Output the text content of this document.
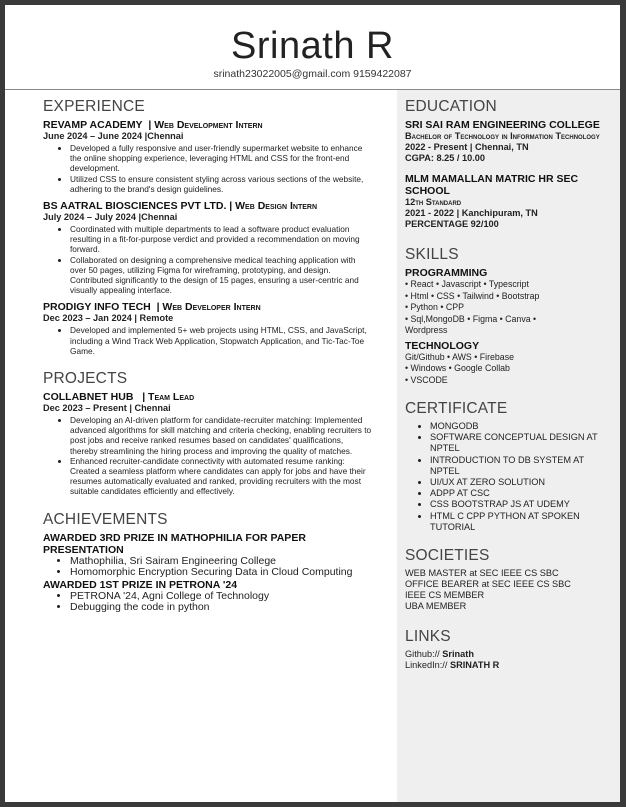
Srinath R
srinath23022005@gmail.com 9159422087
EXPERIENCE
REVAMP ACADEMY | Web Development Intern
June 2024 – June 2024 |Chennai
• Developed a fully responsive and user-friendly supermarket website to enhance the online shopping experience, leveraging HTML and CSS for the front-end development.
• Utilized CSS to ensure consistent styling across various sections of the website, adhering to the brand's design guidelines.
BS AATRAL BIOSCIENCES PVT LTD. | Web Design Intern
July 2024 – July 2024 |Chennai
• Coordinated with multiple departments to lead a software product evaluation resulting in a fit-for-purpose verdict and provided a recommendation on moving forward.
• Collaborated on designing a comprehensive medical teaching application with over 50 pages, utilizing Figma for wireframing, prototyping, and design. Contributed significantly to the design of 15 pages, ensuring a user-centric and visually appealing interface.
PRODIGY INFO TECH | Web Developer Intern
Dec 2023 – Jan 2024 | Remote
• Developed and implemented 5+ web projects using HTML, CSS, and JavaScript, including a Wind Track Web Application, Stopwatch Application, and Tic-Tac-Toe Game.
PROJECTS
COLLABNET HUB | Team Lead
Dec 2023 – Present | Chennai
• Developing an AI-driven platform for candidate-recruiter matching: Implemented advanced algorithms for skill matching and criteria checking, enabling recruiters to post jobs and receive ranked resumes based on candidates' qualifications, thereby streamlining the hiring process and improving the quality of matches.
• Enhanced recruiter-candidate connectivity with automated resume ranking: Created a seamless platform where candidates can apply for jobs and have their resumes automatically evaluated and ranked, providing recruiters with the most suitable candidates efficiently and effectively.
ACHIEVEMENTS
AWARDED 3RD PRIZE IN MATHOPHILIA FOR PAPER PRESENTATION
• Mathophilia, Sri Sairam Engineering College
• Homomorphic Encryption Securing Data in Cloud Computing
AWARDED 1ST PRIZE IN PETRONA '24
• PETRONA '24, Agni College of Technology
• Debugging the code in python
EDUCATION
SRI SAI RAM ENGINEERING COLLEGE
Bachelor of Technology in Information Technology
2022 - Present | Chennai, TN
CGPA: 8.25 / 10.00
MLM MAMALLAN MATRIC HR SEC SCHOOL
12th Standard
2021 - 2022 | Kanchipuram, TN
PERCENTAGE 92/100
SKILLS
PROGRAMMING
• React • Javascript • Typescript
• Html • CSS • Tailwind • Bootstrap
• Python • CPP
• Sql,MongoDB • Figma • Canva •
Wordpress
TECHNOLOGY
Git/Github • AWS • Firebase
• Windows • Google Collab
• VSCODE
CERTIFICATE
• MONGODB
• SOFTWARE CONCEPTUAL DESIGN AT NPTEL
• INTRODUCTION TO DB SYSTEM AT NPTEL
• UI/UX AT ZERO SOLUTION
• ADPP AT CSC
• CSS BOOTSTRAP JS AT UDEMY
• HTML C CPP PYTHON AT SPOKEN TUTORIAL
SOCIETIES
WEB MASTER at SEC IEEE CS SBC
OFFICE BEARER at SEC IEEE CS SBC
IEEE CS MEMBER
UBA MEMBER
LINKS
Github:// Srinath
LinkedIn:// SRINATH R
